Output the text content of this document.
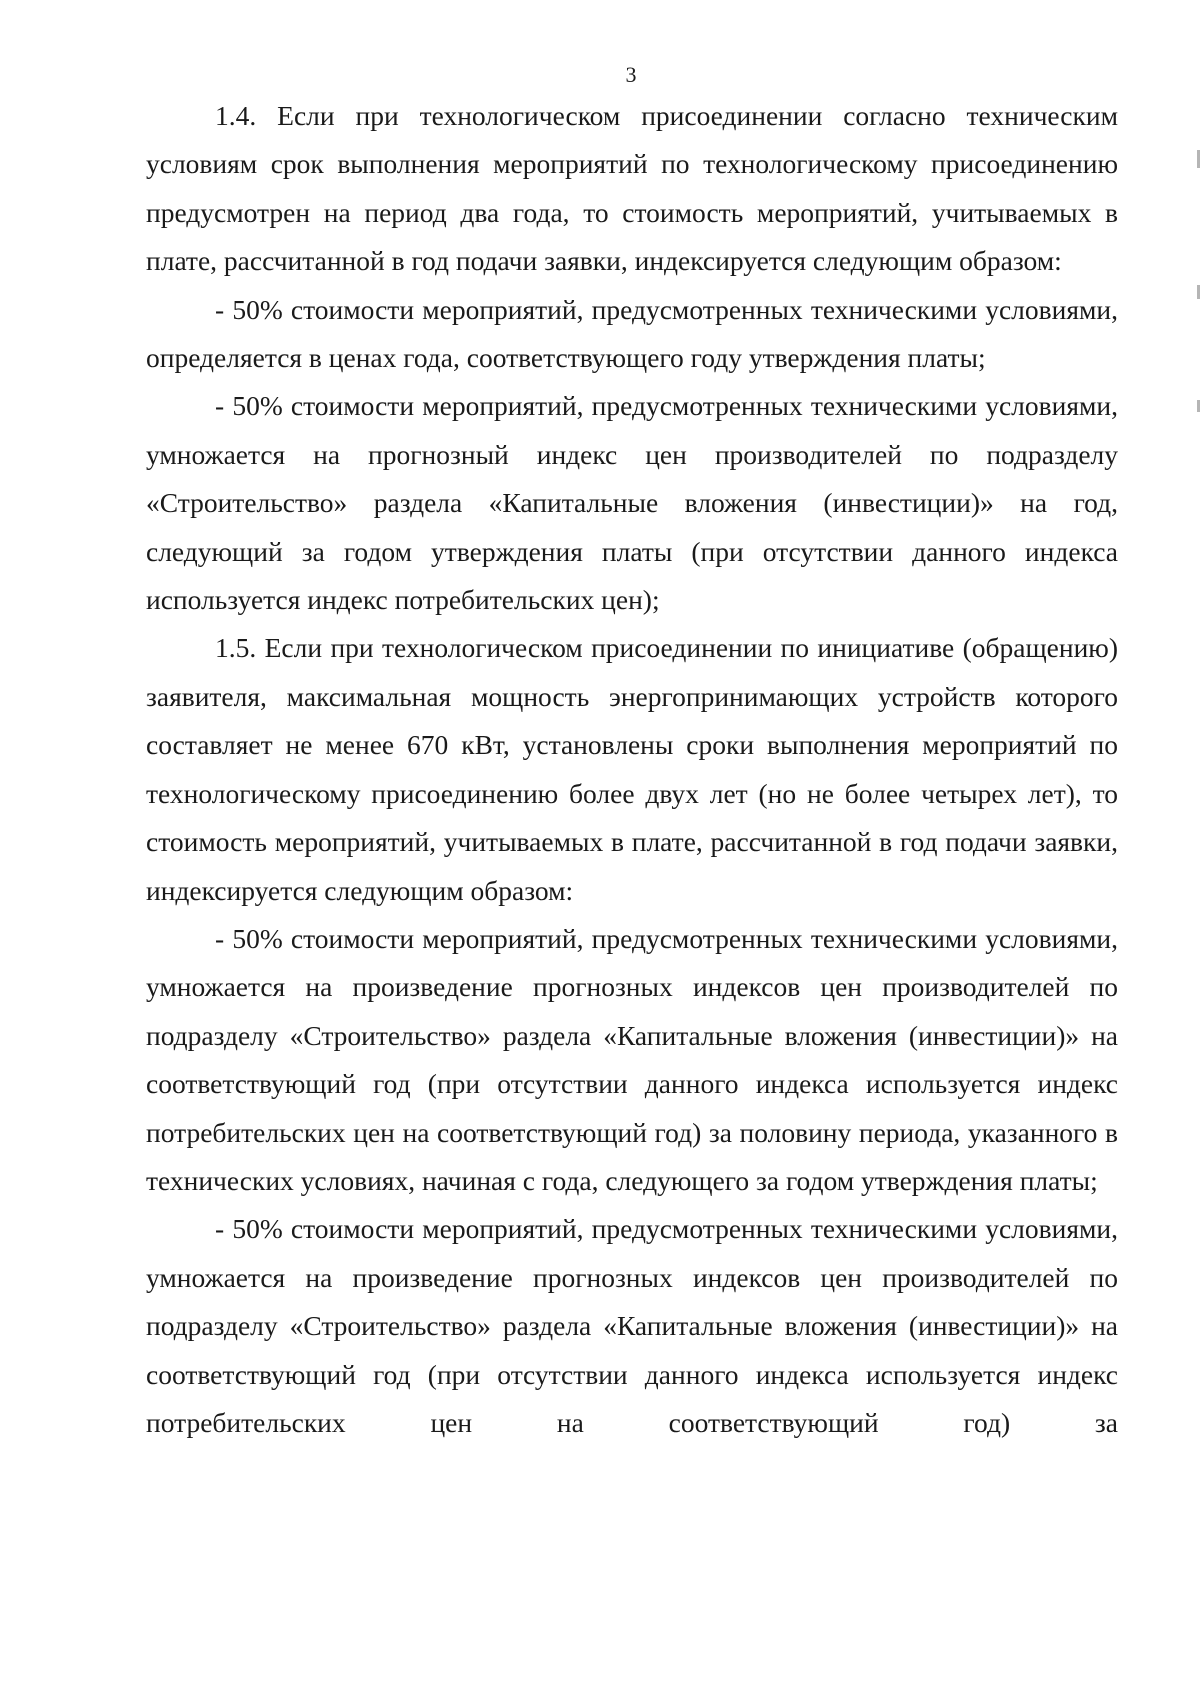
3

1.4. Если при технологическом присоединении согласно техническим условиям срок выполнения мероприятий по технологическому присоединению предусмотрен на период два года, то стоимость мероприятий, учитываемых в плате, рассчитанной в год подачи заявки, индексируется следующим образом:

- 50% стоимости мероприятий, предусмотренных техническими условиями, определяется в ценах года, соответствующего году утверждения платы;

- 50% стоимости мероприятий, предусмотренных техническими условиями, умножается на прогнозный индекс цен производителей по подразделу «Строительство» раздела «Капитальные вложения (инвестиции)» на год, следующий за годом утверждения платы (при отсутствии данного индекса используется индекс потребительских цен);

1.5. Если при технологическом присоединении по инициативе (обращению) заявителя, максимальная мощность энергопринимающих устройств которого составляет не менее 670 кВт, установлены сроки выполнения мероприятий по технологическому присоединению более двух лет (но не более четырех лет), то стоимость мероприятий, учитываемых в плате, рассчитанной в год подачи заявки, индексируется следующим образом:

- 50% стоимости мероприятий, предусмотренных техническими условиями, умножается на произведение прогнозных индексов цен производителей по подразделу «Строительство» раздела «Капитальные вложения (инвестиции)» на соответствующий год (при отсутствии данного индекса используется индекс потребительских цен на соответствующий год) за половину периода, указанного в технических условиях, начиная с года, следующего за годом утверждения платы;

- 50% стоимости мероприятий, предусмотренных техническими условиями, умножается на произведение прогнозных индексов цен производителей по подразделу «Строительство» раздела «Капитальные вложения (инвестиции)» на соответствующий год (при отсутствии данного индекса используется индекс потребительских цен на соответствующий год) за
